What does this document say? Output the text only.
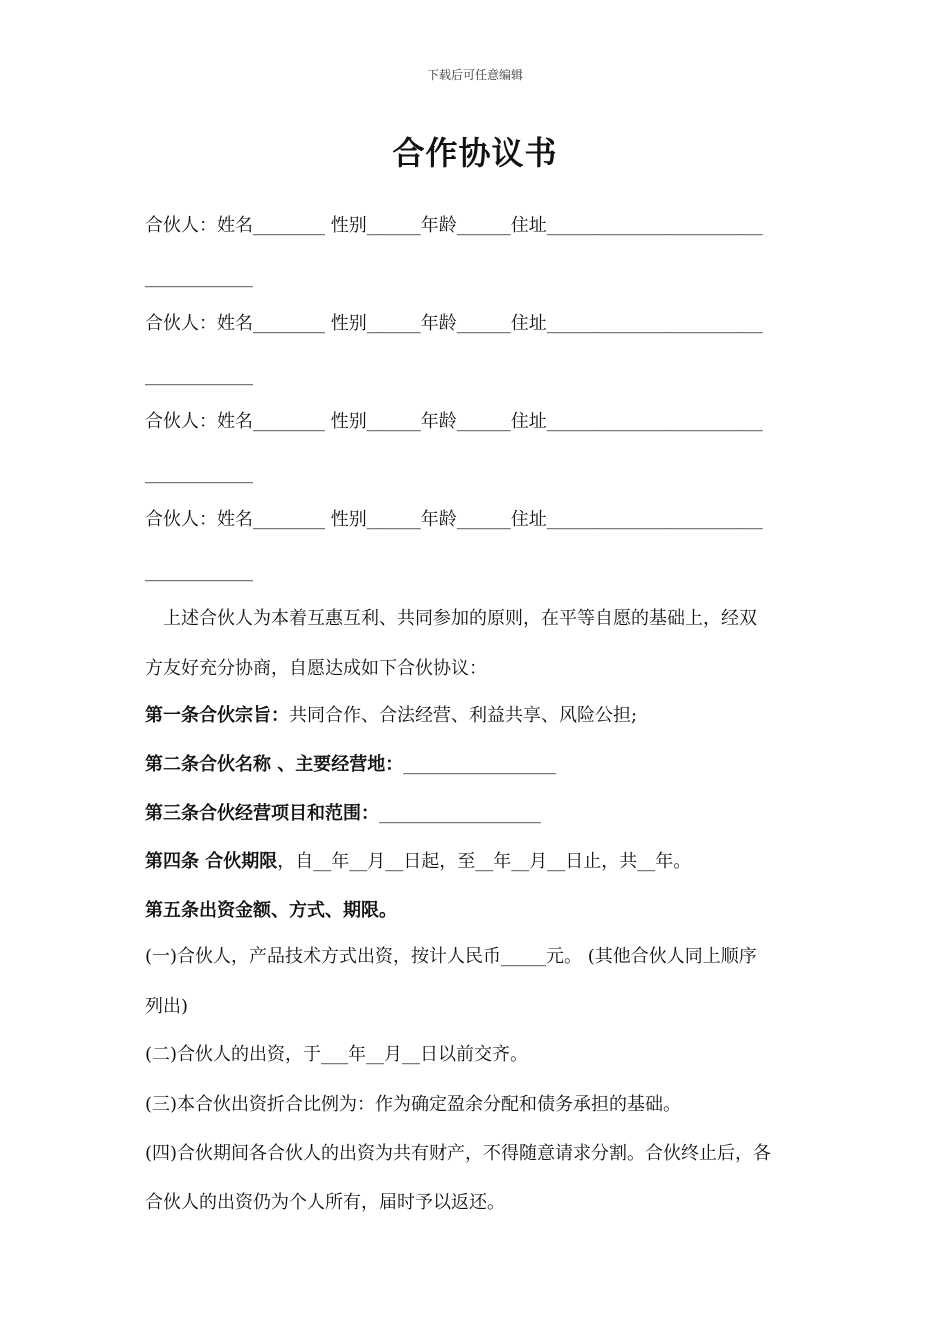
下载后可任意编辑
合作协议书
合伙人：姓名________ 性别______年龄______住址________________________
____________
合伙人：姓名________ 性别______年龄______住址________________________
____________
合伙人：姓名________ 性别______年龄______住址________________________
____________
合伙人：姓名________ 性别______年龄______住址________________________
____________
上述合伙人为本着互惠互利、共同参加的原则，在平等自愿的基础上，经双
方友好充分协商，自愿达成如下合伙协议：
第一条合伙宗旨：共同合作、合法经营、利益共享、风险公担;
第二条合伙名称 、主要经营地：_________________
第三条合伙经营项目和范围：__________________
第四条 合伙期限，自__年__月__日起，至__年__月__日止，共__年。
第五条出资金额、方式、期限。
(一)合伙人，产品技术方式出资，按计人民币_____元。 (其他合伙人同上顺序
列出)
(二)合伙人的出资，于___年__月__日以前交齐。
(三)本合伙出资折合比例为：作为确定盈余分配和债务承担的基础。
(四)合伙期间各合伙人的出资为共有财产，不得随意请求分割。合伙终止后，各
合伙人的出资仍为个人所有，届时予以返还。
